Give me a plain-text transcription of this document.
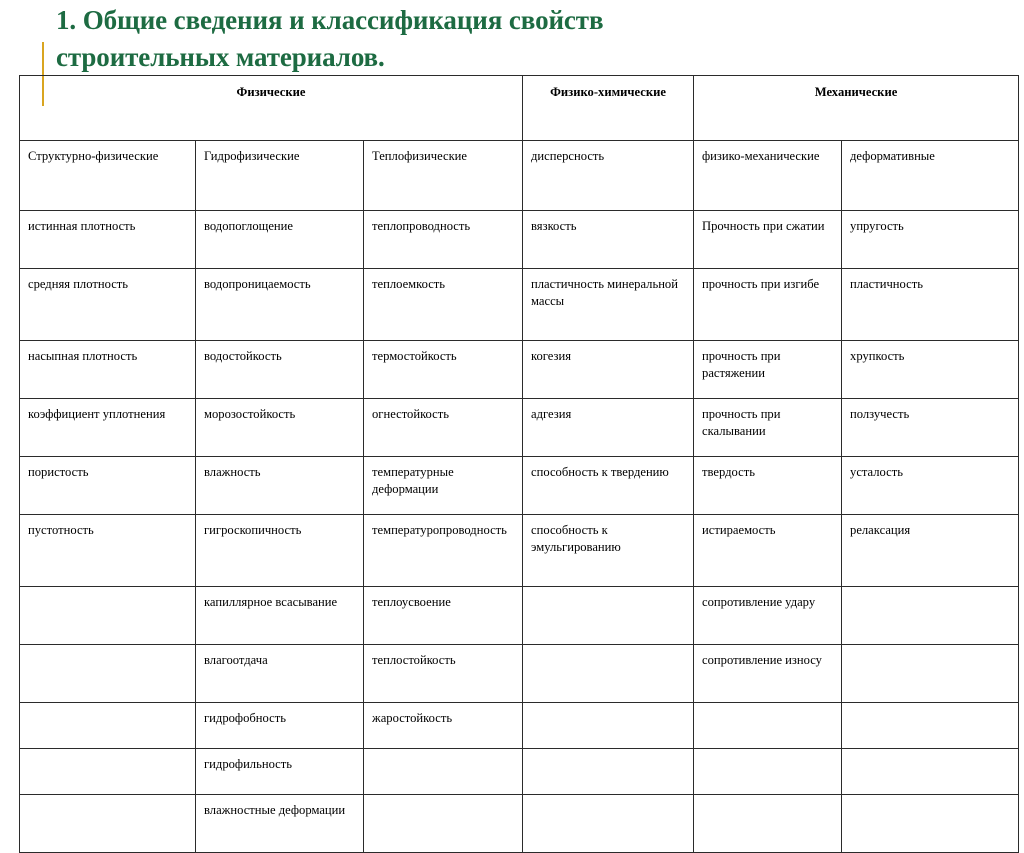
1. Общие сведения и классификация свойств
строительных материалов.
Физические			Физико-химические	Механические	

Структурно-физические	Гидрофизические	Теплофизические	дисперсность	физико-механические	деформативные

истинная плотность	водопоглощение	теплопроводность	вязкость	Прочность при сжатии	упругость

средняя плотность	водопроницаемость	теплоемкость	пластичность минеральной массы	прочность при изгибе	пластичность

насыпная плотность	водостойкость	термостойкость	когезия	прочность при растяжении	хрупкость

коэффициент уплотнения	морозостойкость	огнестойкость	адгезия	прочность при скалывании	ползучесть

пористость	влажность	температурные деформации	способность к твердению	твердость	усталость

пустотность	гигроскопичность	температуропроводность	способность к эмульгированию	истираемость	релаксация

	капиллярное всасывание	теплоусвоение		сопротивление удару	

	влагоотдача	теплостойкость		сопротивление износу	

	гидрофобность	жаростойкость			

	гидрофильность				

	влажностные деформации				
